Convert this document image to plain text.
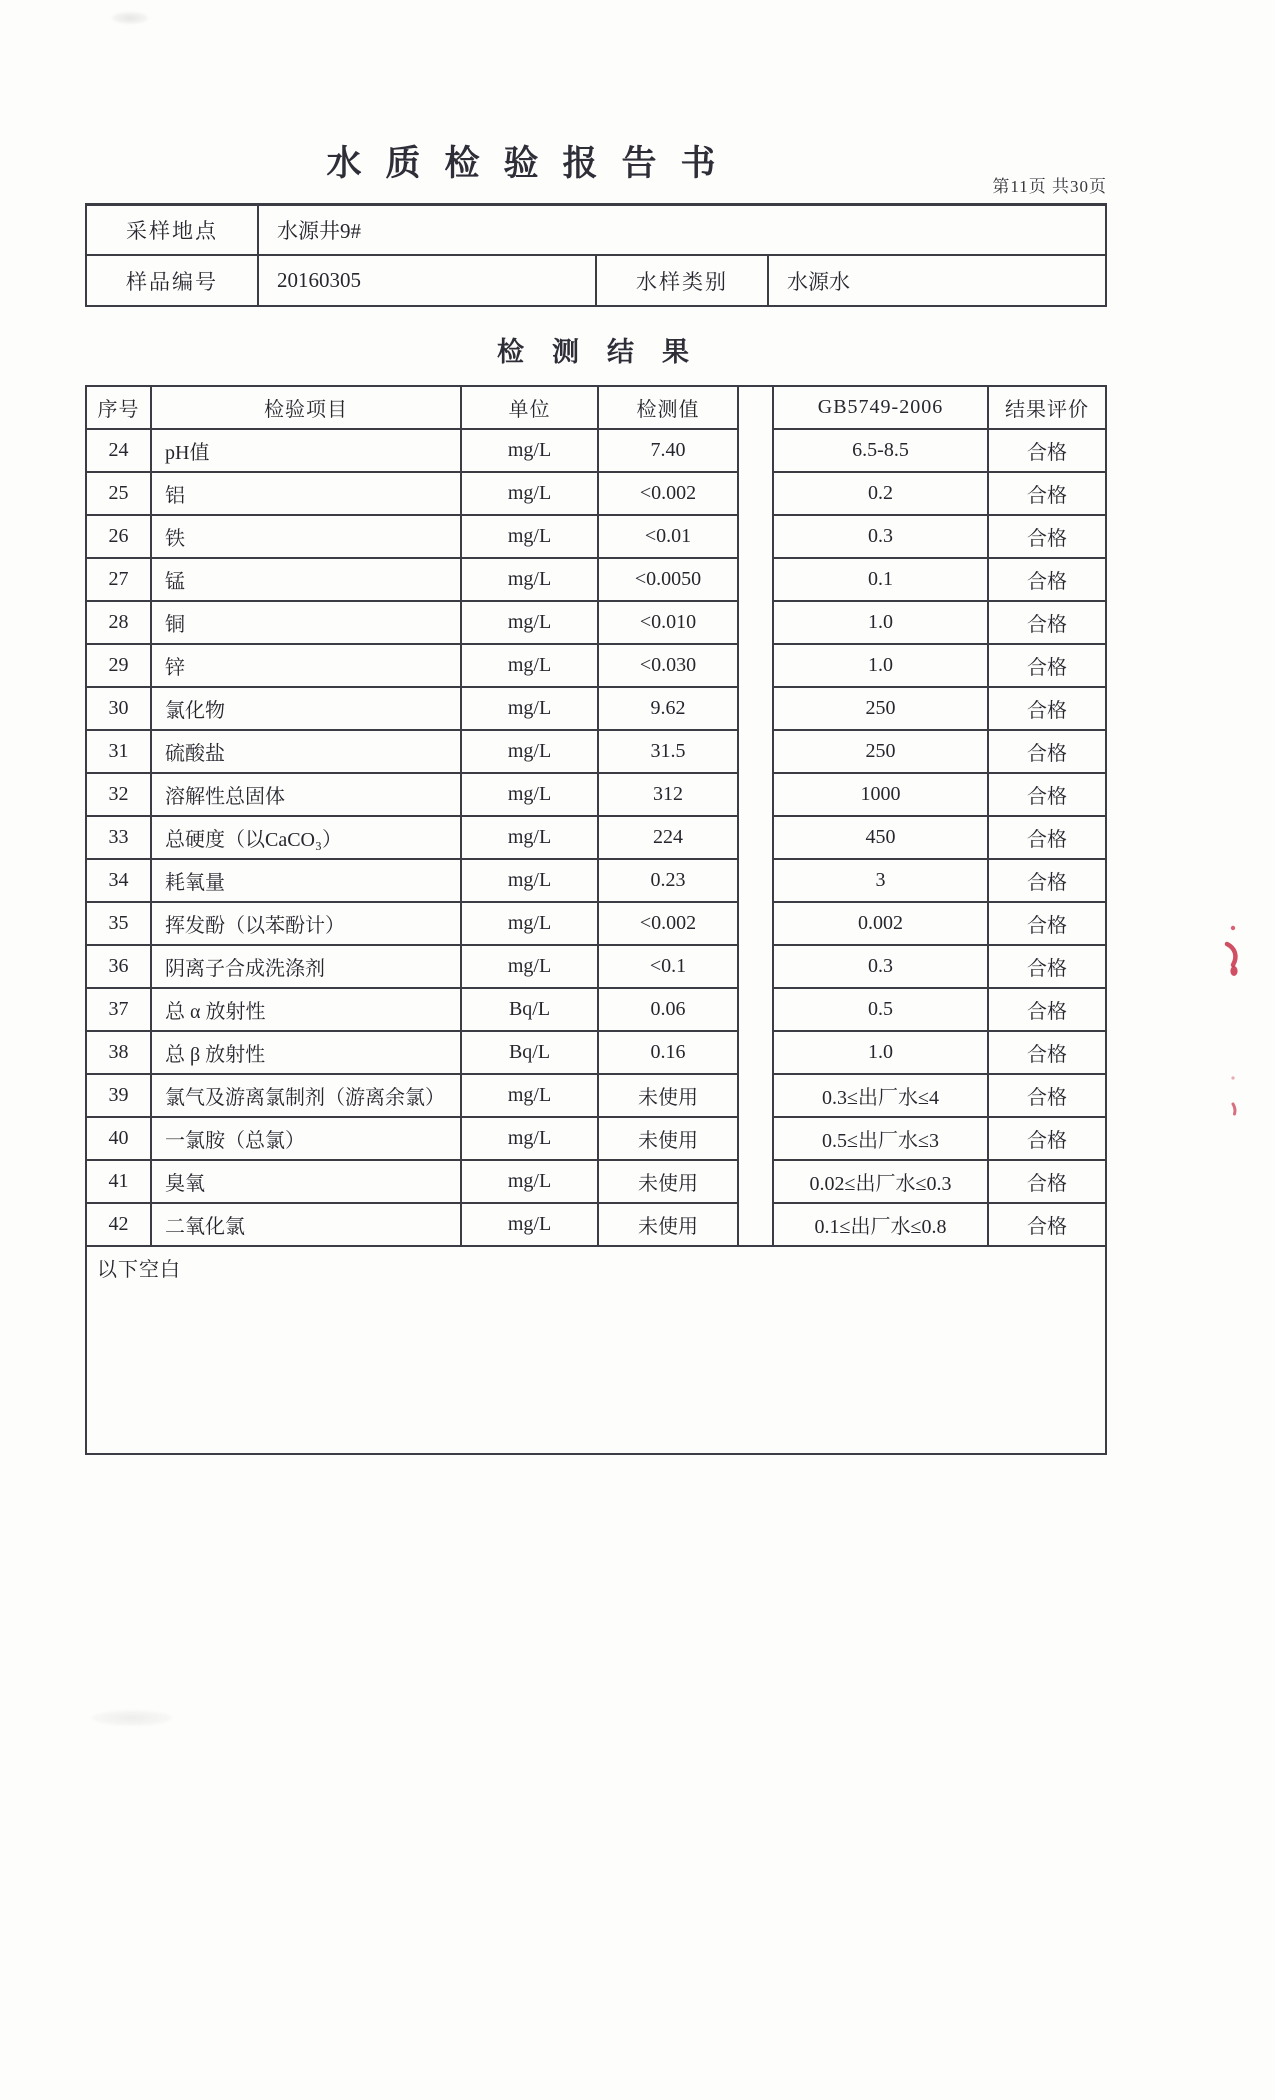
水质检验报告书
第11页 共30页
采样地点	水源井9#
样品编号	20160305	水样类别	水源水
检测结果
序号	检验项目	单位	检测值	GB5749-2006	结果评价
24	pH值	mg/L	7.40	6.5-8.5	合格
25	铝	mg/L	<0.002	0.2	合格
26	铁	mg/L	<0.01	0.3	合格
27	锰	mg/L	<0.0050	0.1	合格
28	铜	mg/L	<0.010	1.0	合格
29	锌	mg/L	<0.030	1.0	合格
30	氯化物	mg/L	9.62	250	合格
31	硫酸盐	mg/L	31.5	250	合格
32	溶解性总固体	mg/L	312	1000	合格
33	总硬度（以CaCO₃）	mg/L	224	450	合格
34	耗氧量	mg/L	0.23	3	合格
35	挥发酚（以苯酚计）	mg/L	<0.002	0.002	合格
36	阴离子合成洗涤剂	mg/L	<0.1	0.3	合格
37	总 α 放射性	Bq/L	0.06	0.5	合格
38	总 β 放射性	Bq/L	0.16	1.0	合格
39	氯气及游离氯制剂（游离余氯）	mg/L	未使用	0.3≤出厂水≤4	合格
40	一氯胺（总氯）	mg/L	未使用	0.5≤出厂水≤3	合格
41	臭氧	mg/L	未使用	0.02≤出厂水≤0.3	合格
42	二氧化氯	mg/L	未使用	0.1≤出厂水≤0.8	合格
以下空白
